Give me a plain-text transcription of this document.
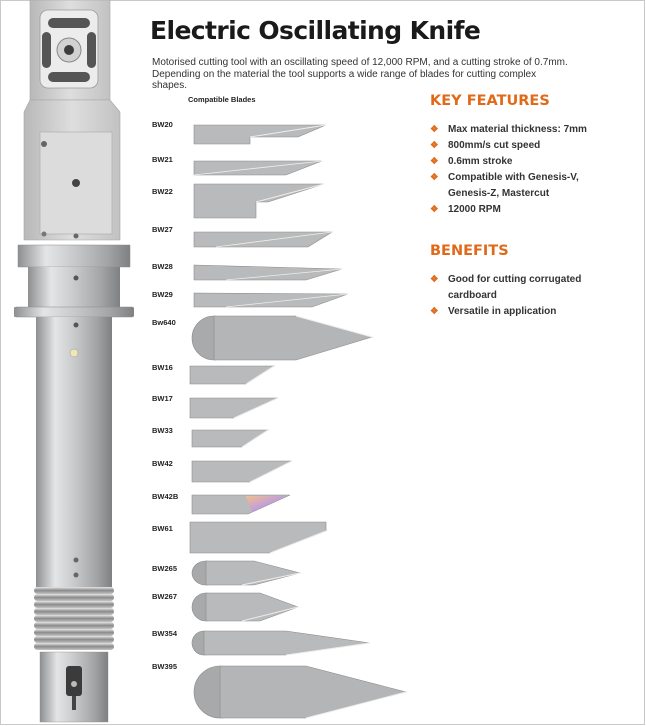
Electric Oscillating Knife

Motorised cutting tool with an oscillating speed of 12,000 RPM, and a cutting stroke of 0.7mm. Depending on the material the tool supports a wide range of blades for cutting complex shapes.

Compatible Blades
BW20
BW21
BW22
BW27
BW28
BW29
Bw640
BW16
BW17
BW33
BW42
BW42B
BW61
BW265
BW267
BW354
BW395
KEY FEATURES
❖ Max material thickness: 7mm
❖ 800mm/s cut speed
❖ 0.6mm stroke
❖ Compatible with Genesis-V, Genesis-Z, Mastercut
❖ 12000 RPM
BENEFITS
❖ Good for cutting corrugated cardboard
❖ Versatile in application
